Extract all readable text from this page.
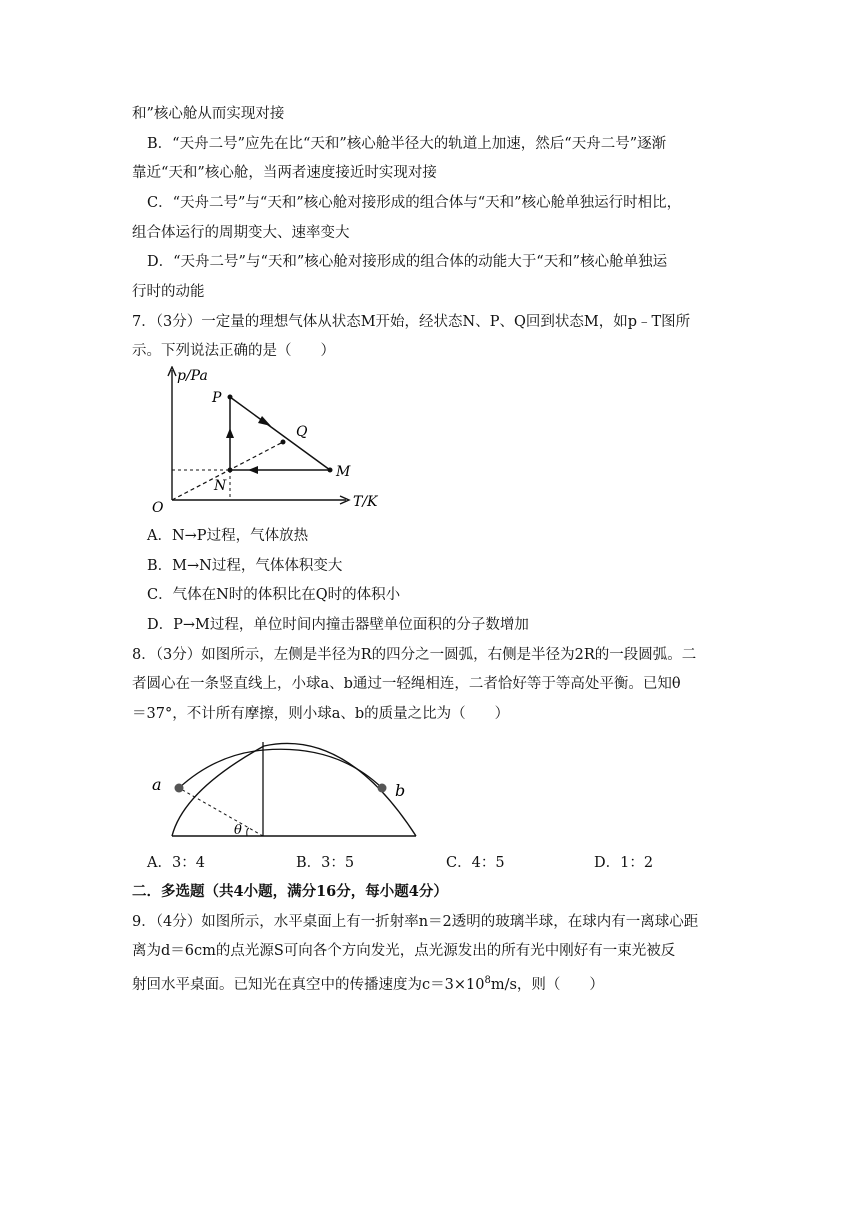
和”核心舱从而实现对接
B．“天舟二号”应先在比“天和”核心舱半径大的轨道上加速，然后“天舟二号”逐渐
靠近“天和”核心舱，当两者速度接近时实现对接
C．“天舟二号”与“天和”核心舱对接形成的组合体与“天和”核心舱单独运行时相比，
组合体运行的周期变大、速率变大
D．“天舟二号”与“天和”核心舱对接形成的组合体的动能大于“天和”核心舱单独运
行时的动能
7．（3分）一定量的理想气体从状态M开始，经状态N、P、Q回到状态M，如p﹣T图所
示。下列说法正确的是（　　）
p/Pa
T/K
O
P
Q
M
N
A．N→P过程，气体放热
B．M→N过程，气体体积变大
C．气体在N时的体积比在Q时的体积小
D．P→M过程，单位时间内撞击器壁单位面积的分子数增加
8．（3分）如图所示，左侧是半径为R的四分之一圆弧，右侧是半径为2R的一段圆弧。二
者圆心在一条竖直线上，小球a、b通过一轻绳相连，二者恰好等于等高处平衡。已知θ
＝37°，不计所有摩擦，则小球a、b的质量之比为（　　）
a	b
θ
A．3：4	B．3：5	C．4：5	D．1：2
二．多选题（共4小题，满分16分，每小题4分）
9．（4分）如图所示，水平桌面上有一折射率n＝2透明的玻璃半球，在球内有一离球心距
离为d＝6cm的点光源S可向各个方向发光，点光源发出的所有光中刚好有一束光被反
射回水平桌面。已知光在真空中的传播速度为$c=3\times 10^8m/s$，则（　　）
